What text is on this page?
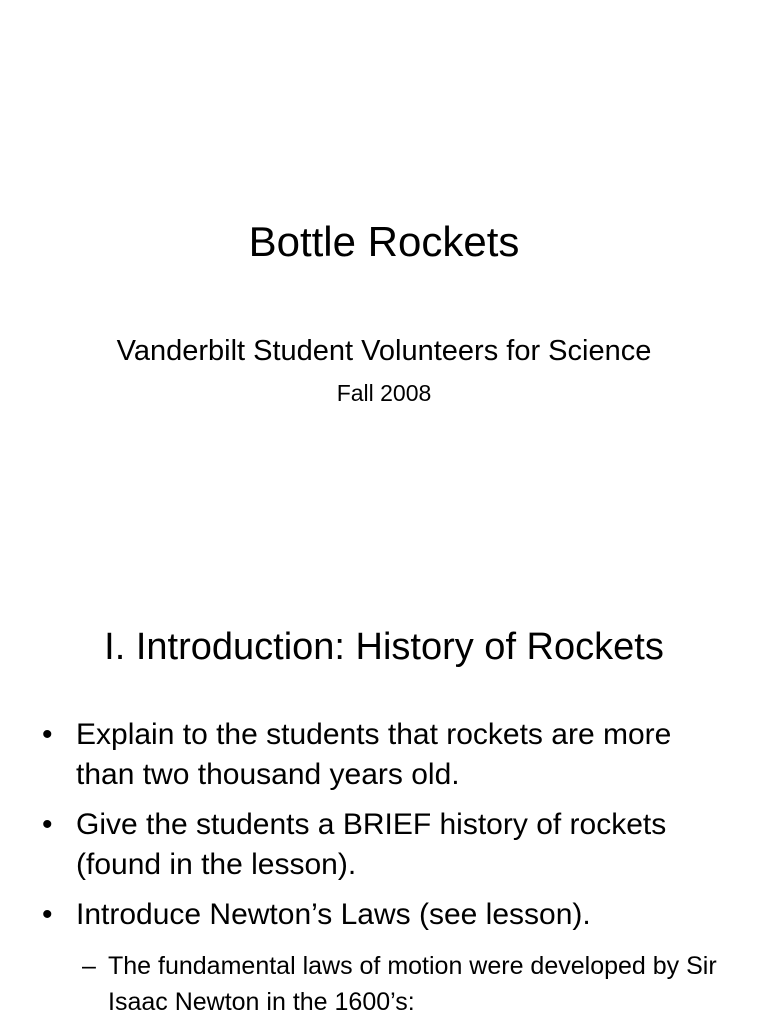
Bottle Rockets
Vanderbilt Student Volunteers for Science
Fall 2008
I. Introduction: History of Rockets
• Explain to the students that rockets are more than two thousand years old.
• Give the students a BRIEF history of rockets (found in the lesson).
• Introduce Newton’s Laws (see lesson).
– The fundamental laws of motion were developed by Sir Isaac Newton in the 1600’s:
